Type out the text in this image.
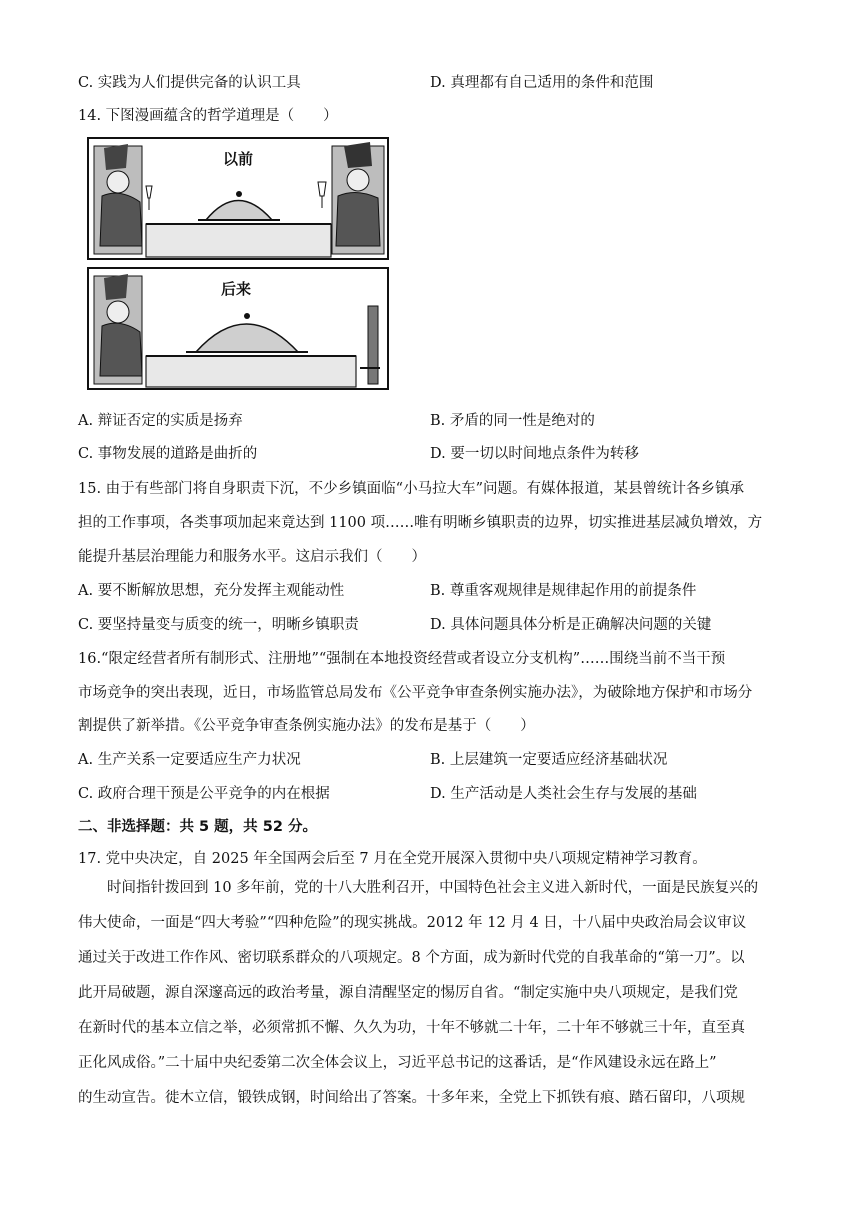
C. 实践为人们提供完备的认识工具	D. 真理都有自己适用的条件和范围
14. 下图漫画蕴含的哲学道理是（　　）
以前
后来
A. 辩证否定的实质是扬弃	B. 矛盾的同一性是绝对的
C. 事物发展的道路是曲折的	D. 要一切以时间地点条件为转移
15. 由于有些部门将自身职责下沉，不少乡镇面临“小马拉大车”问题。有媒体报道，某县曾统计各乡镇承
担的工作事项，各类事项加起来竟达到 1100 项……唯有明晰乡镇职责的边界，切实推进基层减负增效，方
能提升基层治理能力和服务水平。这启示我们（　　）
A. 要不断解放思想，充分发挥主观能动性	B. 尊重客观规律是规律起作用的前提条件
C. 要坚持量变与质变的统一，明晰乡镇职责	D. 具体问题具体分析是正确解决问题的关键
16.“限定经营者所有制形式、注册地”“强制在本地投资经营或者设立分支机构”……围绕当前不当干预
市场竞争的突出表现，近日，市场监管总局发布《公平竞争审查条例实施办法》，为破除地方保护和市场分
割提供了新举措。《公平竞争审查条例实施办法》的发布是基于（　　）
A. 生产关系一定要适应生产力状况	B. 上层建筑一定要适应经济基础状况
C. 政府合理干预是公平竞争的内在根据	D. 生产活动是人类社会生存与发展的基础
二、非选择题：共 5 题，共 52 分。
17. 党中央决定，自 2025 年全国两会后至 7 月在全党开展深入贯彻中央八项规定精神学习教育。
　　时间指针拨回到 10 多年前，党的十八大胜利召开，中国特色社会主义进入新时代，一面是民族复兴的
伟大使命，一面是“四大考验”“四种危险”的现实挑战。2012 年 12 月 4 日，十八届中央政治局会议审议
通过关于改进工作作风、密切联系群众的八项规定。8 个方面，成为新时代党的自我革命的“第一刀”。以
此开局破题，源自深邃高远的政治考量，源自清醒坚定的惕厉自省。“制定实施中央八项规定，是我们党
在新时代的基本立信之举，必须常抓不懈、久久为功，十年不够就二十年，二十年不够就三十年，直至真
正化风成俗。”二十届中央纪委第二次全体会议上，习近平总书记的这番话，是“作风建设永远在路上”
的生动宣告。徙木立信，锻铁成钢，时间给出了答案。十多年来，全党上下抓铁有痕、踏石留印，八项规
